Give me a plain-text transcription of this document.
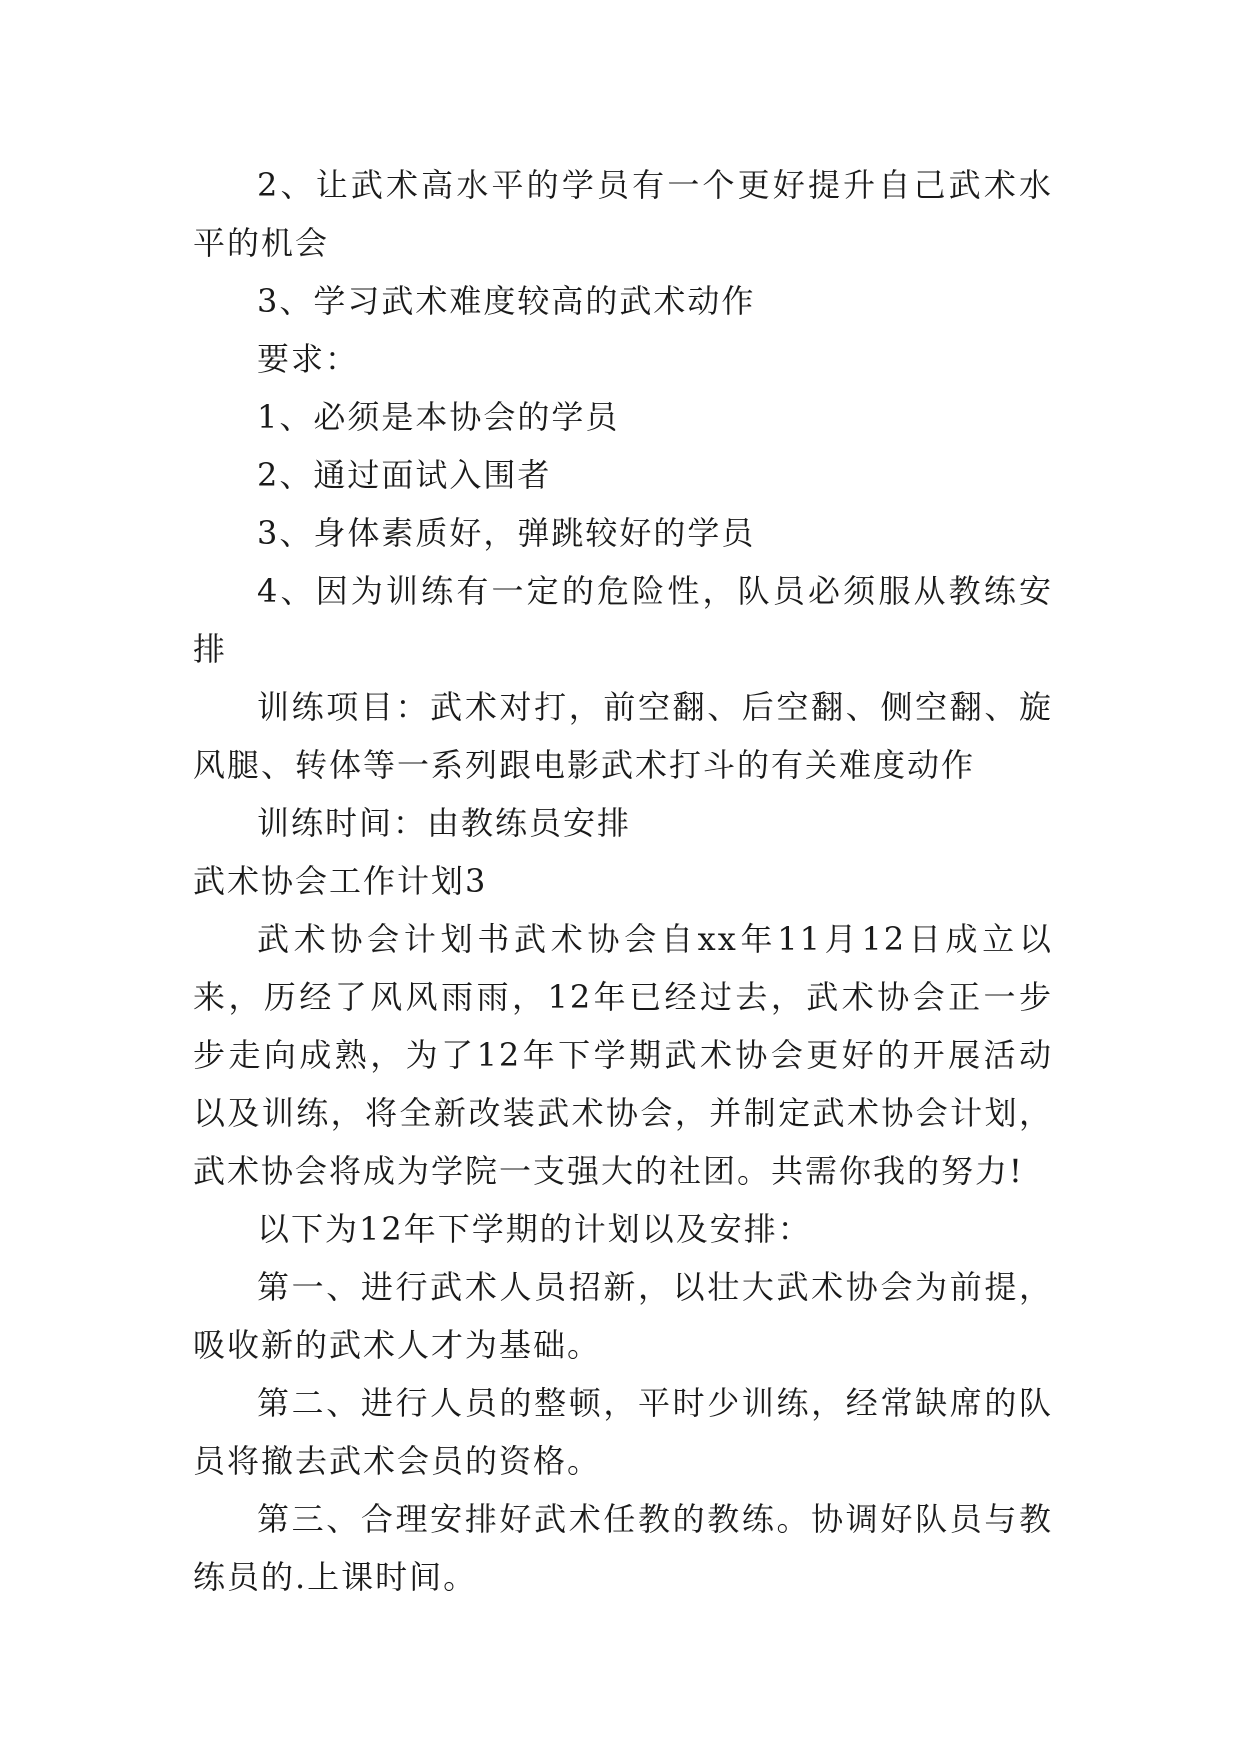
2、让武术高水平的学员有一个更好提升自己武术水平的机会

3、学习武术难度较高的武术动作

要求：

1、必须是本协会的学员

2、通过面试入围者

3、身体素质好，弹跳较好的学员

4、因为训练有一定的危险性，队员必须服从教练安排

训练项目：武术对打，前空翻、后空翻、侧空翻、旋风腿、转体等一系列跟电影武术打斗的有关难度动作

训练时间：由教练员安排

武术协会工作计划3

武术协会计划书武术协会自xx年11月12日成立以来，历经了风风雨雨，12年已经过去，武术协会正一步步走向成熟，为了12年下学期武术协会更好的开展活动以及训练，将全新改装武术协会，并制定武术协会计划，武术协会将成为学院一支强大的社团。共需你我的努力!

以下为12年下学期的计划以及安排：

第一、进行武术人员招新，以壮大武术协会为前提，吸收新的武术人才为基础。

第二、进行人员的整顿，平时少训练，经常缺席的队员将撤去武术会员的资格。

第三、合理安排好武术任教的教练。协调好队员与教练员的.上课时间。
